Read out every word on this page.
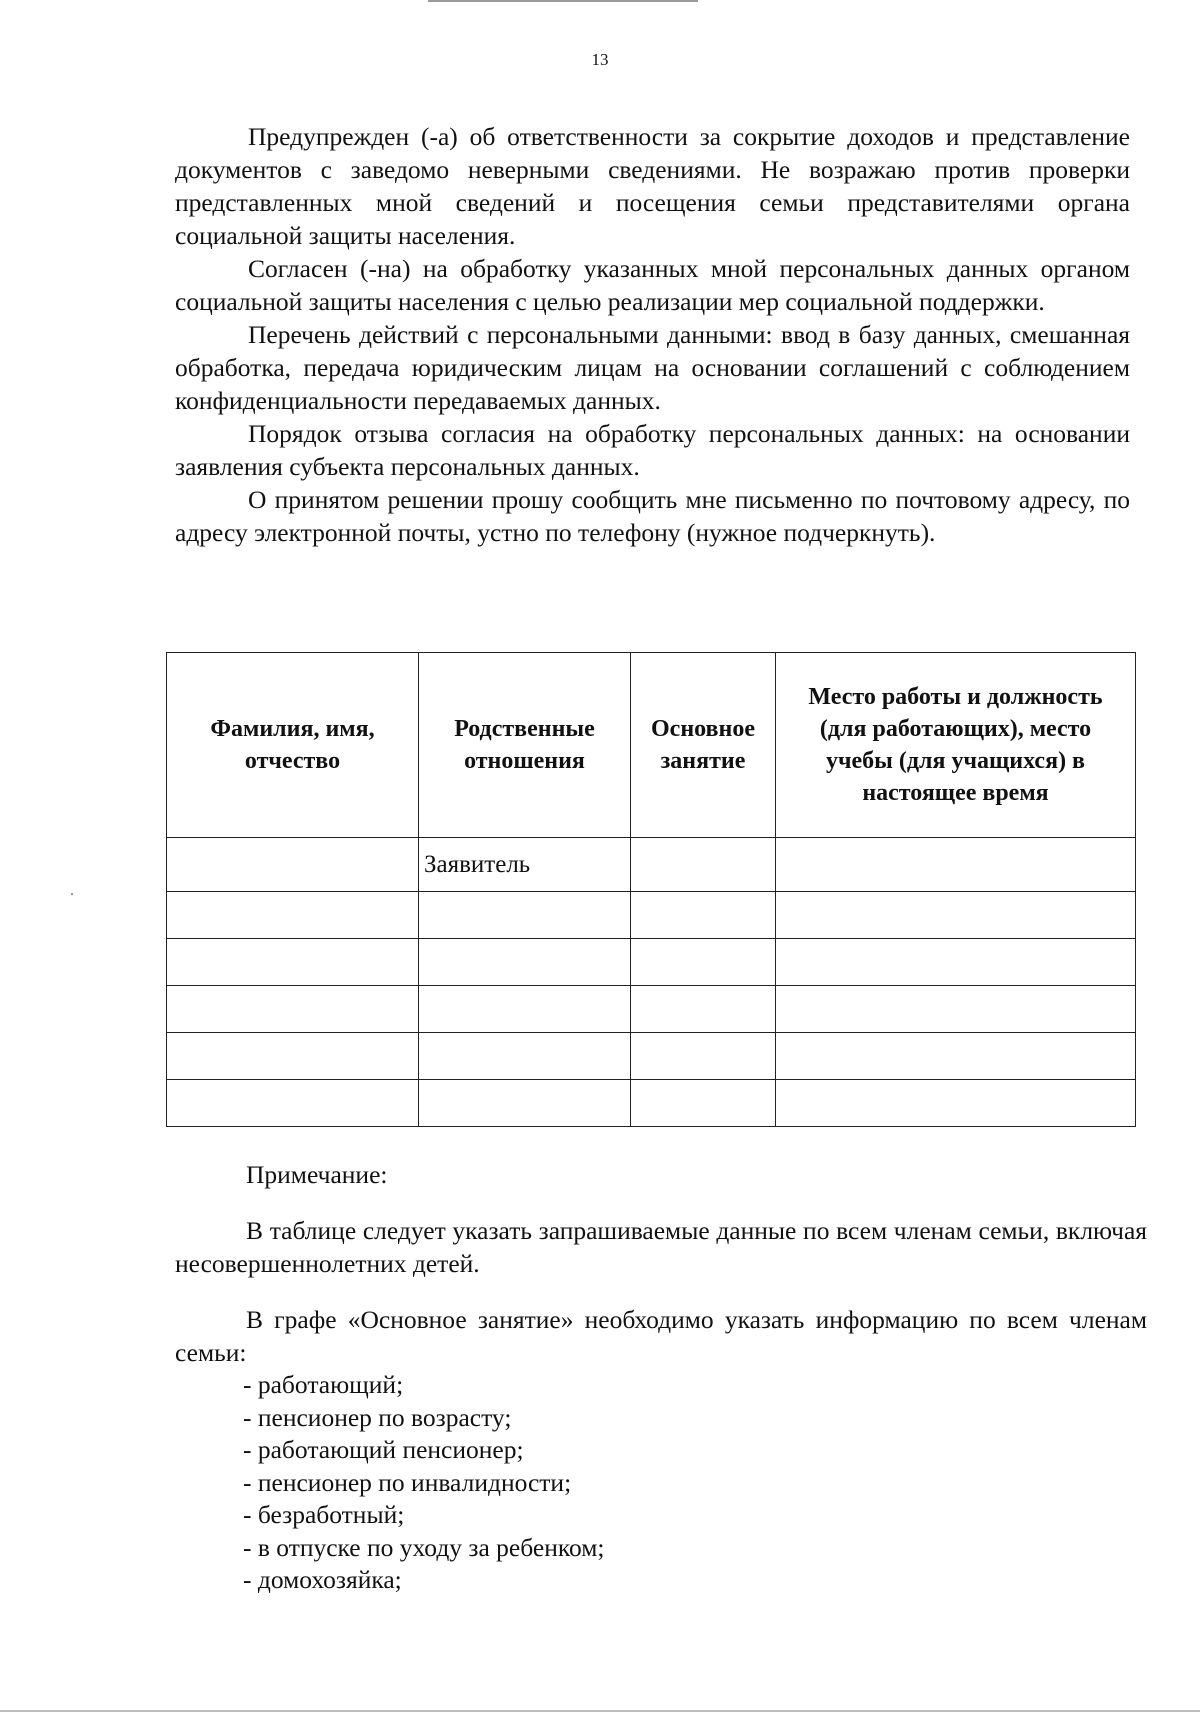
13

Предупрежден (-а) об ответственности за сокрытие доходов и представление документов с заведомо неверными сведениями. Не возражаю против проверки представленных мной сведений и посещения семьи представителями органа социальной защиты населения.

Согласен (-на) на обработку указанных мной персональных данных органом социальной защиты населения с целью реализации мер социальной поддержки.

Перечень действий с персональными данными: ввод в базу данных, смешанная обработка, передача юридическим лицам на основании соглашений с соблюдением конфиденциальности передаваемых данных.

Порядок отзыва согласия на обработку персональных данных: на основании заявления субъекта персональных данных.

О принятом решении прошу сообщить мне письменно по почтовому адресу, по адресу электронной почты, устно по телефону (нужное подчеркнуть).

Фамилия, имя, отчество	Родственные отношения	Основное занятие	Место работы и должность (для работающих), место учебы (для учащихся) в настоящее время
	Заявитель		

Примечание:

В таблице следует указать запрашиваемые данные по всем членам семьи, включая несовершеннолетних детей.

В графе «Основное занятие» необходимо указать информацию по всем членам семьи:

- работающий;
- пенсионер по возрасту;
- работающий пенсионер;
- пенсионер по инвалидности;
- безработный;
- в отпуске по уходу за ребенком;
- домохозяйка;
